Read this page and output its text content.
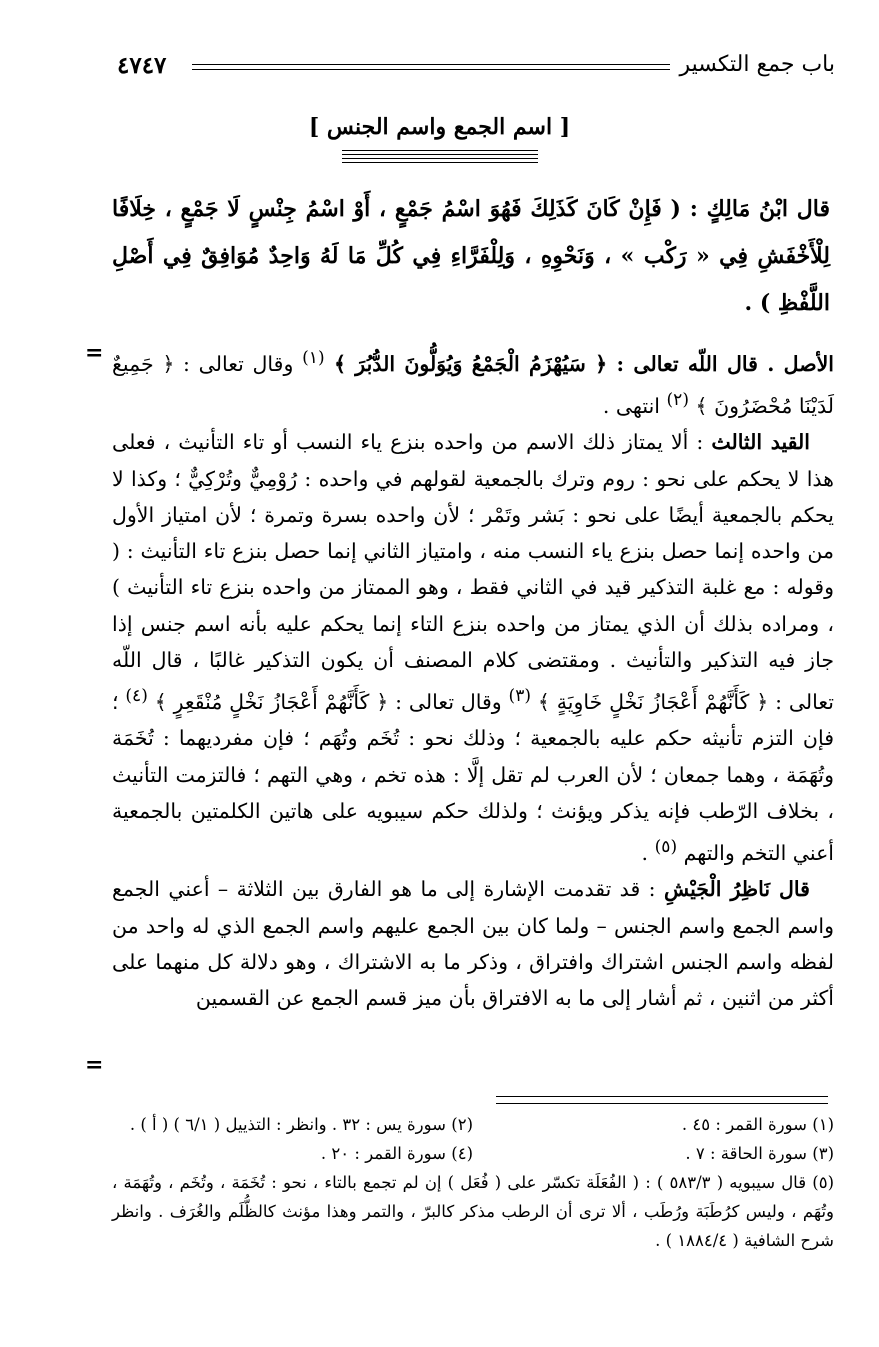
باب جمع التكسير
٤٧٤٧
[ اسم الجمع واسم الجنس ]
قال ابْنُ مَالِكٍ : ( فَإِنْ كَانَ كَذَلِكَ فَهُوَ اسْمُ جَمْعٍ ، أَوْ اسْمُ جِنْسٍ لَا جَمْعٍ ، خِلَافًا لِلْأَخْفَشِ فِي « رَكْب » ، وَنَحْوِهِ ، وَلِلْفَرَّاءِ فِي كُلِّ مَا لَهُ وَاحِدٌ مُوَافِقٌ فِي أَصْلِ اللَّفْظِ ) .
=	الأصل . قال اللّه تعالى : ﴿ سَيُهْزَمُ الْجَمْعُ وَيُوَلُّونَ الدُّبُرَ ﴾ $^{(١)}$ وقال تعالى : ﴿ جَمِيعٌ لَدَيْنَا مُحْضَرُونَ ﴾ $^{(٢)}$ انتهى .

القيد الثالث : ألا يمتاز ذلك الاسم من واحده بنزع ياء النسب أو تاء التأنيث ، فعلى هذا لا يحكم على نحو : روم وترك بالجمعية لقولهم في واحده : رُوْمِيٌّ وتُرْكِيٌّ ؛ وكذا لا يحكم بالجمعية أيضًا على نحو : بَشر وتَمْر ؛ لأن واحده بسرة وتمرة ؛ لأن امتياز الأول من واحده إنما حصل بنزع ياء النسب منه ، وامتياز الثاني إنما حصل بنزع تاء التأنيث : ( وقوله : مع غلبة التذكير قيد في الثاني فقط ، وهو الممتاز من واحده بنزع تاء التأنيث ) ، ومراده بذلك أن الذي يمتاز من واحده بنزع التاء إنما يحكم عليه بأنه اسم جنس إذا جاز فيه التذكير والتأنيث . ومقتضى كلام المصنف أن يكون التذكير غالبًا ، قال اللّه تعالى : ﴿ كَأَنَّهُمْ أَعْجَازُ نَخْلٍ خَاوِيَةٍ ﴾ $^{(٣)}$ وقال تعالى : ﴿ كَأَنَّهُمْ أَعْجَازُ نَخْلٍ مُنْقَعِرٍ ﴾ $^{(٤)}$ ؛ فإن التزم تأنيثه حكم عليه بالجمعية ؛ وذلك نحو : تُخَم وتُهَم ؛ فإن مفرديهما : تُخَمَة وتُهَمَة ، وهما جمعان ؛ لأن العرب لم تقل إلَّا : هذه تخم ، وهي التهم ؛ فالتزمت التأنيث ، بخلاف الرّطب فإنه يذكر ويؤنث ؛ ولذلك حكم سيبويه على هاتين الكلمتين بالجمعية أعني التخم والتهم $^{(٥)}$ .

قال نَاظِرُ الْجَيْشِ : قد تقدمت الإشارة إلى ما هو الفارق بين الثلاثة – أعني الجمع واسم الجمع واسم الجنس – ولما كان بين الجمع عليهم واسم الجمع الذي له واحد من لفظه واسم الجنس اشتراك وافتراق ، وذكر ما به الاشتراك ، وهو دلالة كل منهما على أكثر من اثنين ، ثم أشار إلى ما به الافتراق بأن ميز قسم الجمع عن القسمين

=
(١) سورة القمر : ٤٥ .
(٢) سورة يس : ٣٢ . وانظر : التذييل ( ٦/١ ) ( أ ) .
(٣) سورة الحاقة : ٧ .
(٤) سورة القمر : ٢٠ .
(٥) قال سيبويه ( ٥٨٣/٣ ) : ( الفُعَلَة تكسّر على ( فُعَل ) إن لم تجمع بالتاء ، نحو : تُخَمَة ، وتُخَم ، وتُهَمَة ، وتُهَم ، وليس كرُطَبَة ورُطَب ، ألا ترى أن الرطب مذكر كالبرّ ، والتمر وهذا مؤنث كالظُّلَم والغُرَف . وانظر شرح الشافية ( ١٨٨٤/٤ ) .
